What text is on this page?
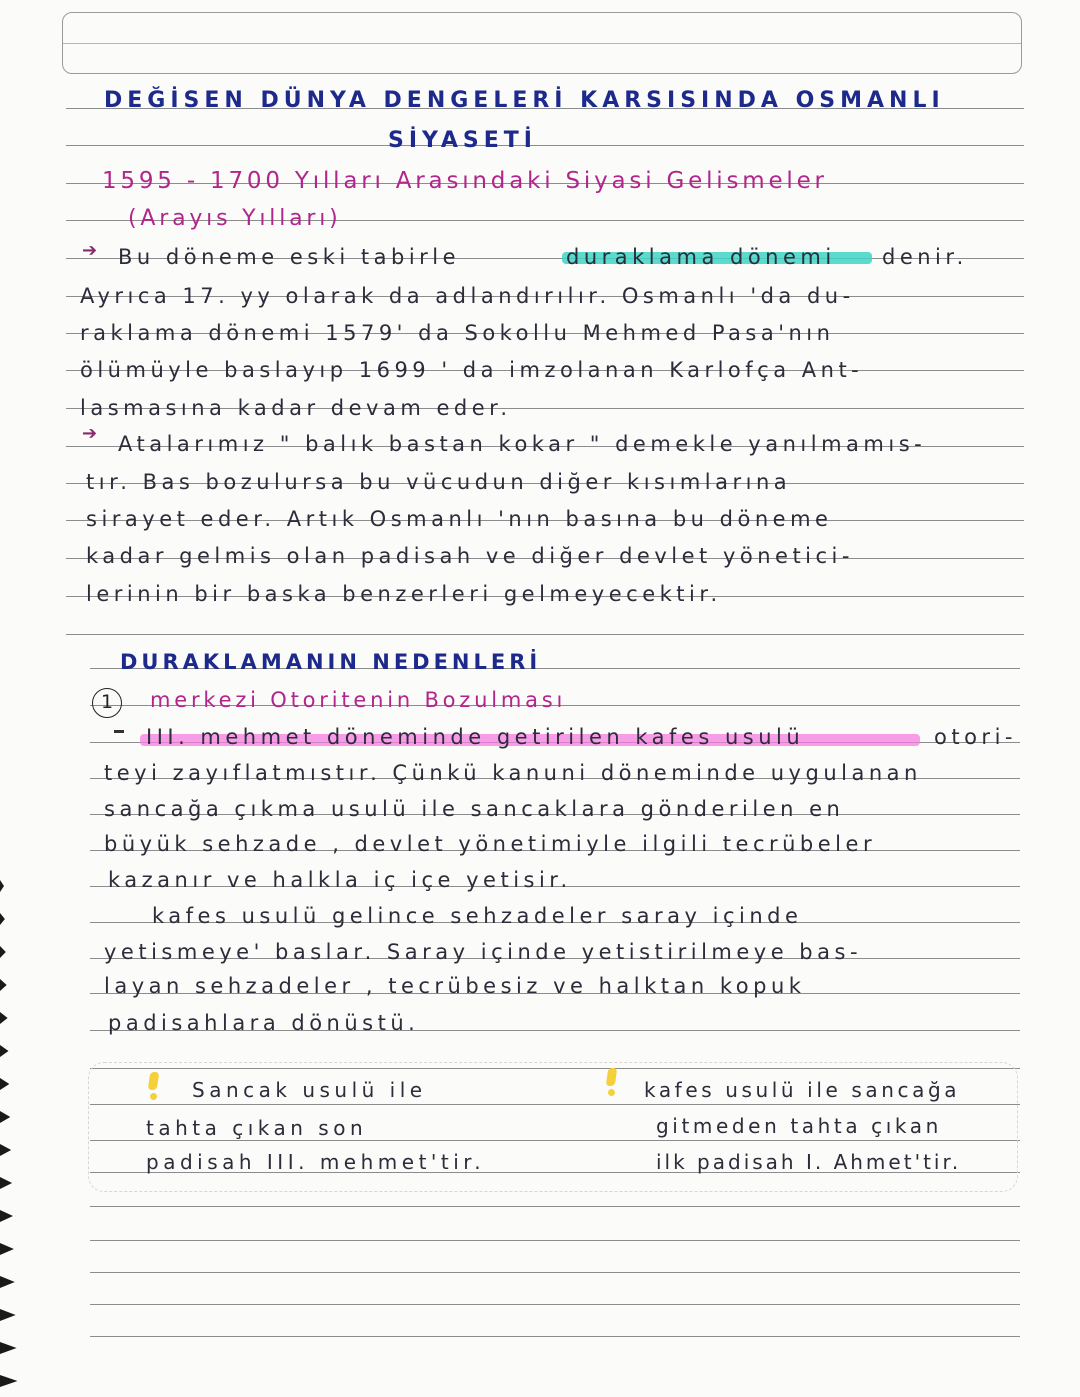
DEĞİSEN DÜNYA DENGELERİ KARSISINDA OSMANLI
SİYASETİ
1595 - 1700 Yılları Arasındaki Siyasi Gelismeler
(Arayıs Yılları)
➔ Bu döneme eski tabirle	duraklama dönemi denir.
Ayrıca 17. yy olarak da adlandırılır. Osmanlı 'da du-
raklama dönemi 1579' da Sokollu Mehmed Pasa'nın
ölümüyle baslayıp 1699 ' da imzolanan Karlofça Ant-
lasmasına kadar devam eder.
➔ Atalarımız " balık bastan kokar " demekle yanılmamıs-
tır. Bas bozulursa bu vücudun diğer kısımlarına
sirayet eder. Artık Osmanlı 'nın basına bu döneme
kadar gelmis olan padisah ve diğer devlet yönetici-
lerinin bir baska benzerleri gelmeyecektir.
DURAKLAMANIN NEDENLERİ
1	merkezi Otoritenin Bozulması
III. mehmet döneminde getirilen kafes usulü	otori-
teyi zayıflatmıstır. Çünkü kanuni döneminde uygulanan
sancağa çıkma usulü ile sancaklara gönderilen en
büyük sehzade , devlet yönetimiyle ilgili tecrübeler
kazanır ve halkla iç içe yetisir.
kafes usulü gelince sehzadeler saray içinde
yetismeye' baslar. Saray içinde yetistirilmeye bas-
layan sehzadeler , tecrübesiz ve halktan kopuk
padisahlara dönüstü.
Sancak usulü ile
tahta çıkan son
padisah III. mehmet'tir.
kafes usulü ile sancağa
gitmeden tahta çıkan
ilk padisah I. Ahmet'tir.
